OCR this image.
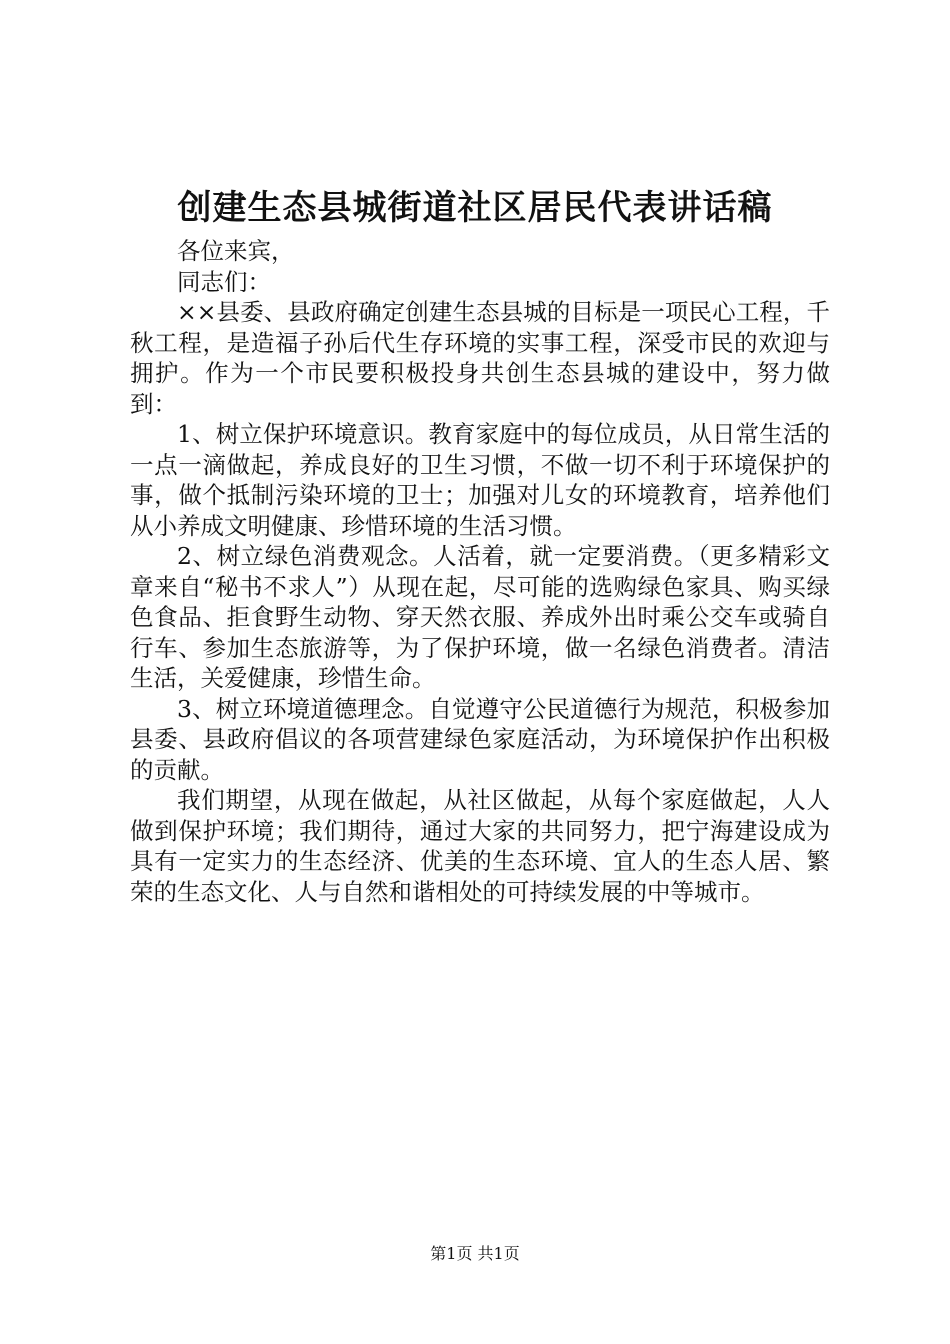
创建生态县城街道社区居民代表讲话稿

各位来宾，

同志们：

××县委、县政府确定创建生态县城的目标是一项民心工程，千秋工程，是造福子孙后代生存环境的实事工程，深受市民的欢迎与拥护。作为一个市民要积极投身共创生态县城的建设中，努力做到：

1、树立保护环境意识。教育家庭中的每位成员，从日常生活的一点一滴做起，养成良好的卫生习惯，不做一切不利于环境保护的事，做个抵制污染环境的卫士；加强对儿女的环境教育，培养他们从小养成文明健康、珍惜环境的生活习惯。

2、树立绿色消费观念。人活着，就一定要消费。（更多精彩文章来自“秘书不求人”）从现在起，尽可能的选购绿色家具、购买绿色食品、拒食野生动物、穿天然衣服、养成外出时乘公交车或骑自行车、参加生态旅游等，为了保护环境，做一名绿色消费者。清洁生活，关爱健康，珍惜生命。

3、树立环境道德理念。自觉遵守公民道德行为规范，积极参加县委、县政府倡议的各项营建绿色家庭活动，为环境保护作出积极的贡献。

我们期望，从现在做起，从社区做起，从每个家庭做起，人人做到保护环境；我们期待，通过大家的共同努力，把宁海建设成为具有一定实力的生态经济、优美的生态环境、宜人的生态人居、繁荣的生态文化、人与自然和谐相处的可持续发展的中等城市。

第1页 共1页
